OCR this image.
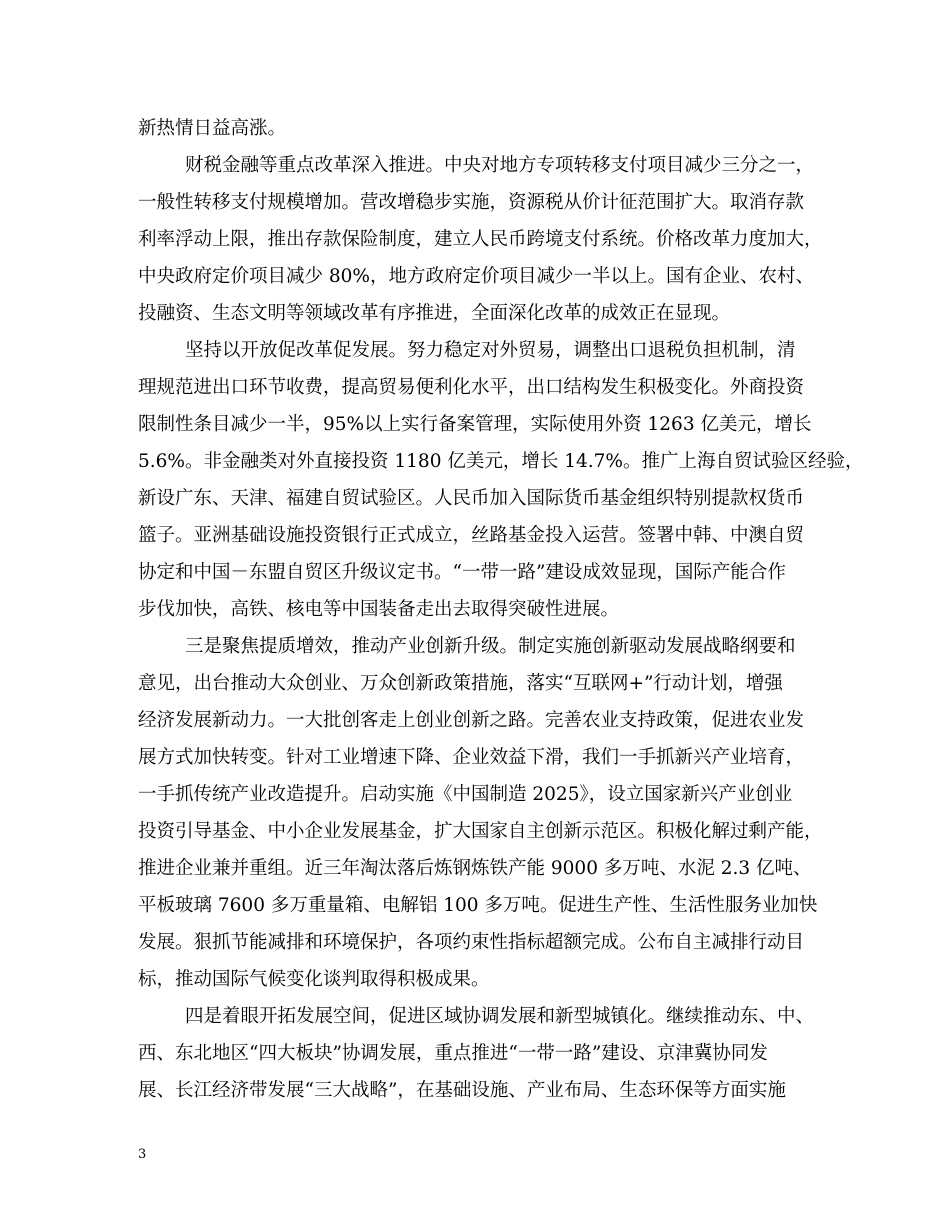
新热情日益高涨。
财税金融等重点改革深入推进。中央对地方专项转移支付项目减少三分之一，
一般性转移支付规模增加。营改增稳步实施，资源税从价计征范围扩大。取消存款
利率浮动上限，推出存款保险制度，建立人民币跨境支付系统。价格改革力度加大，
中央政府定价项目减少 80%，地方政府定价项目减少一半以上。国有企业、农村、
投融资、生态文明等领域改革有序推进，全面深化改革的成效正在显现。
坚持以开放促改革促发展。努力稳定对外贸易，调整出口退税负担机制，清
理规范进出口环节收费，提高贸易便利化水平，出口结构发生积极变化。外商投资
限制性条目减少一半，95%以上实行备案管理，实际使用外资 1263 亿美元，增长
5.6%。非金融类对外直接投资 1180 亿美元，增长 14.7%。推广上海自贸试验区经验，
新设广东、天津、福建自贸试验区。人民币加入国际货币基金组织特别提款权货币
篮子。亚洲基础设施投资银行正式成立，丝路基金投入运营。签署中韩、中澳自贸
协定和中国－东盟自贸区升级议定书。“一带一路”建设成效显现，国际产能合作
步伐加快，高铁、核电等中国装备走出去取得突破性进展。
三是聚焦提质增效，推动产业创新升级。制定实施创新驱动发展战略纲要和
意见，出台推动大众创业、万众创新政策措施，落实“互联网+”行动计划，增强
经济发展新动力。一大批创客走上创业创新之路。完善农业支持政策，促进农业发
展方式加快转变。针对工业增速下降、企业效益下滑，我们一手抓新兴产业培育，
一手抓传统产业改造提升。启动实施《中国制造 2025》，设立国家新兴产业创业
投资引导基金、中小企业发展基金，扩大国家自主创新示范区。积极化解过剩产能，
推进企业兼并重组。近三年淘汰落后炼钢炼铁产能 9000 多万吨、水泥 2.3 亿吨、
平板玻璃 7600 多万重量箱、电解铝 100 多万吨。促进生产性、生活性服务业加快
发展。狠抓节能减排和环境保护，各项约束性指标超额完成。公布自主减排行动目
标，推动国际气候变化谈判取得积极成果。
四是着眼开拓发展空间，促进区域协调发展和新型城镇化。继续推动东、中、
西、东北地区“四大板块”协调发展，重点推进“一带一路”建设、京津冀协同发
展、长江经济带发展“三大战略”，在基础设施、产业布局、生态环保等方面实施
3
